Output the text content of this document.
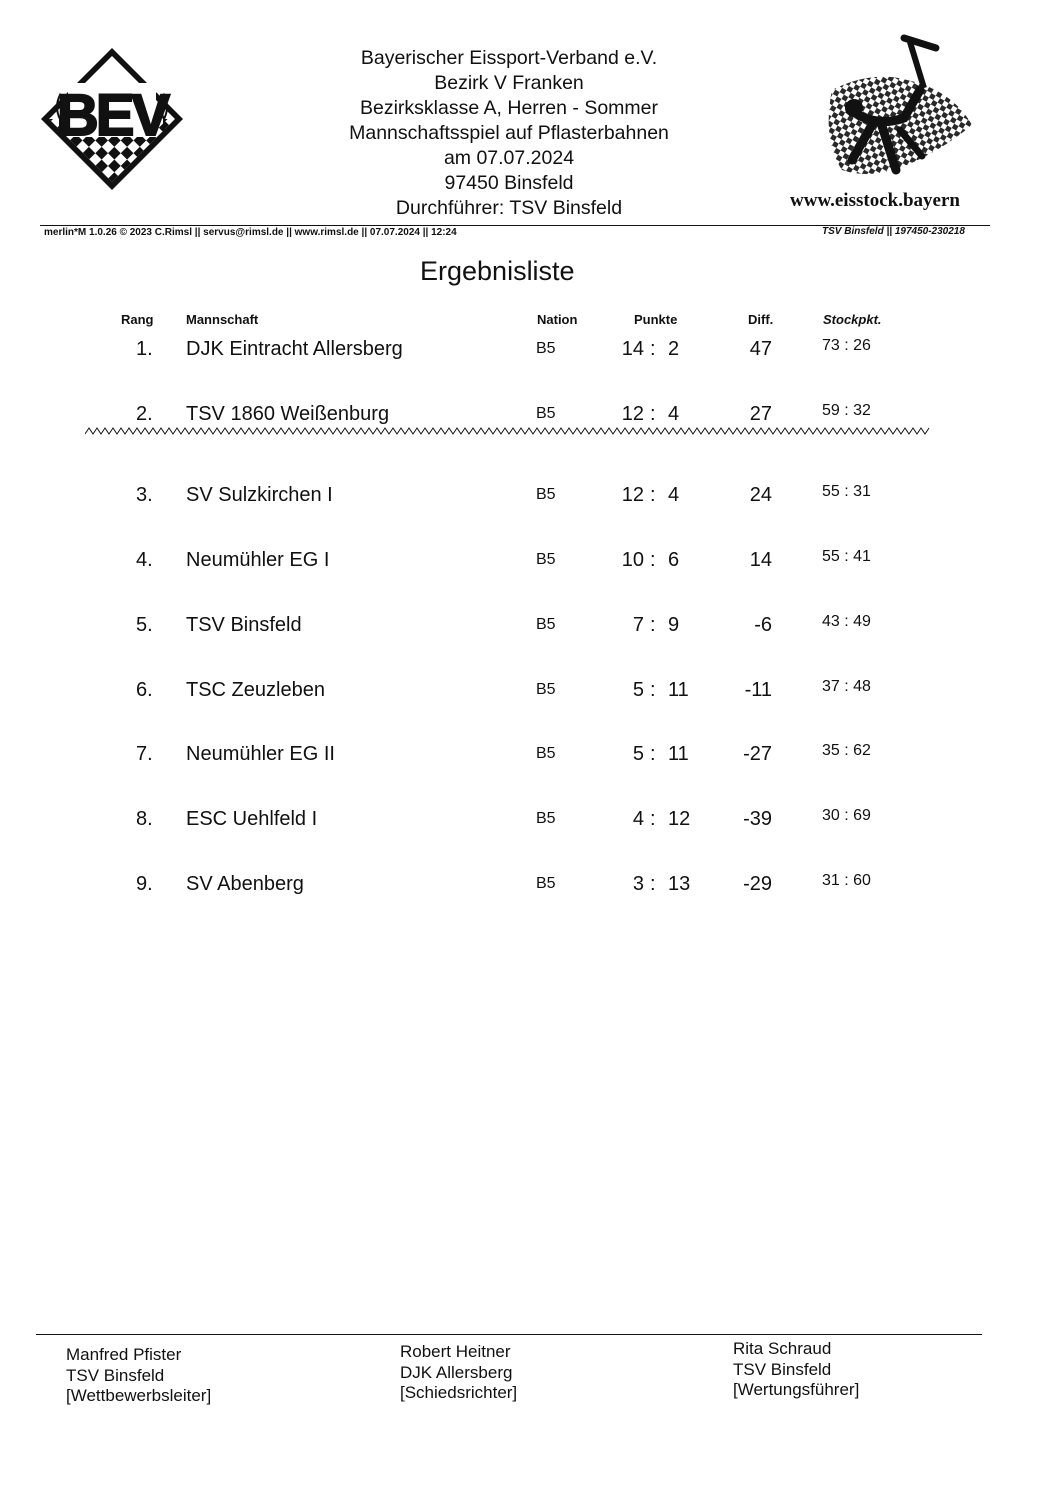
BEV
Bayerischer Eissport-Verband e.V.
Bezirk V Franken
Bezirksklasse A, Herren - Sommer
Mannschaftsspiel auf Pflasterbahnen
am 07.07.2024
97450 Binsfeld
Durchführer: TSV Binsfeld	www.eisstock.bayern
merlin*M 1.0.26 © 2023 C.Rimsl || servus@rimsl.de || www.rimsl.de || 07.07.2024 || 12:24	TSV Binsfeld || 197450-230218
Ergebnisliste
Rang	Mannschaft	Nation	Punkte	Diff.	Stockpkt.
1. DJK Eintracht Allersberg	B5	14 : 2	47	73 : 26
2. TSV 1860 Weißenburg	B5	12 : 4	27	59 : 32
3. SV Sulzkirchen I	B5	12 : 4	24	55 : 31
4. Neumühler EG I	B5	10 : 6	14	55 : 41
5. TSV Binsfeld	B5	7 : 9	-6	43 : 49
6. TSC Zeuzleben	B5	5 : 11	-11	37 : 48
7. Neumühler EG II	B5	5 : 11	-27	35 : 62
8. ESC Uehlfeld I	B5	4 : 12	-39	30 : 69
9. SV Abenberg	B5	3 : 13	-29	31 : 60
Manfred Pfister
TSV Binsfeld
[Wettbewerbsleiter]
Robert Heitner
DJK Allersberg
[Schiedsrichter]
Rita Schraud
TSV Binsfeld
[Wertungsführer]
